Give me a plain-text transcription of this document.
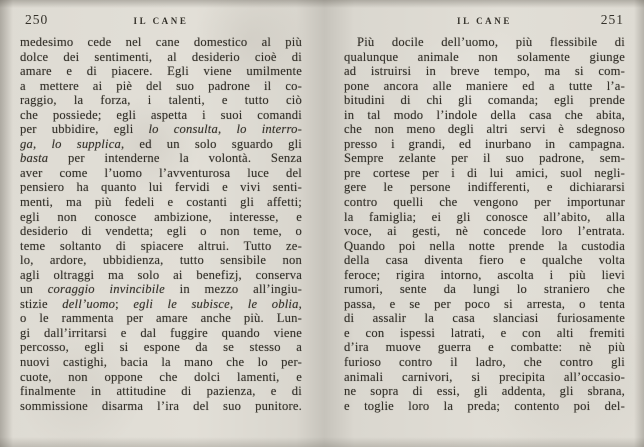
250	IL CANE
medesimo cede nel cane domestico al più
dolce dei sentimenti, al desiderio cioè di
amare e di piacere. Egli viene umilmente
a mettere ai piè del suo padrone il co-
raggio, la forza, i talenti, e tutto ciò
che possiede; egli aspetta i suoi comandi
per ubbidire, egli lo consulta, lo interro-
ga, lo supplica, ed un solo sguardo gli
basta per intenderne la volontà. Senza
aver come l’uomo l’avventurosa luce del
pensiero ha quanto lui fervidi e vivi senti-
menti, ma più fedeli e costanti gli affetti;
egli non conosce ambizione, interesse, e
desiderio di vendetta; egli o non teme, o
teme soltanto di spiacere altrui. Tutto ze-
lo, ardore, ubbidienza, tutto sensibile non
agli oltraggi ma solo ai benefizj, conserva
un coraggio invincibile in mezzo all’ingiu-
stizie dell’uomo; egli le subisce, le oblia,
o le rammenta per amare anche più. Lun-
gi dall’irritarsi e dal fuggire quando viene
percosso, egli si espone da se stesso a
nuovi castighi, bacia la mano che lo per-
cuote, non oppone che dolci lamenti, e
finalmente in attitudine di pazienza, e di
sommissione disarma l’ira del suo punitore.
IL CANE	251
Più docile dell’uomo, più flessibile di
qualunque animale non solamente giunge
ad istruirsi in breve tempo, ma si com-
pone ancora alle maniere ed a tutte l’a-
bitudini di chi gli comanda; egli prende
in tal modo l’indole della casa che abita,
che non meno degli altri servi è sdegnoso
presso i grandi, ed inurbano in campagna.
Sempre zelante per il suo padrone, sem-
pre cortese per i di lui amici, suol negli-
gere le persone indifferenti, e dichiararsi
contro quelli che vengono per importunar
la famiglia; ei gli conosce all’abito, alla
voce, ai gesti, nè concede loro l’entrata.
Quando poi nella notte prende la custodia
della casa diventa fiero e qualche volta
feroce; rigira intorno, ascolta i più lievi
rumori, sente da lungi lo straniero che
passa, e se per poco si arresta, o tenta
di assalir la casa slanciasi furiosamente
e con ispessi latrati, e con alti fremiti
d’ira muove guerra e combatte: nè più
furioso contro il ladro, che contro gli
animali carnivori, si precipita all’occasio-
ne sopra di essi, gli addenta, gli sbrana,
e toglie loro la preda; contento poi del-
